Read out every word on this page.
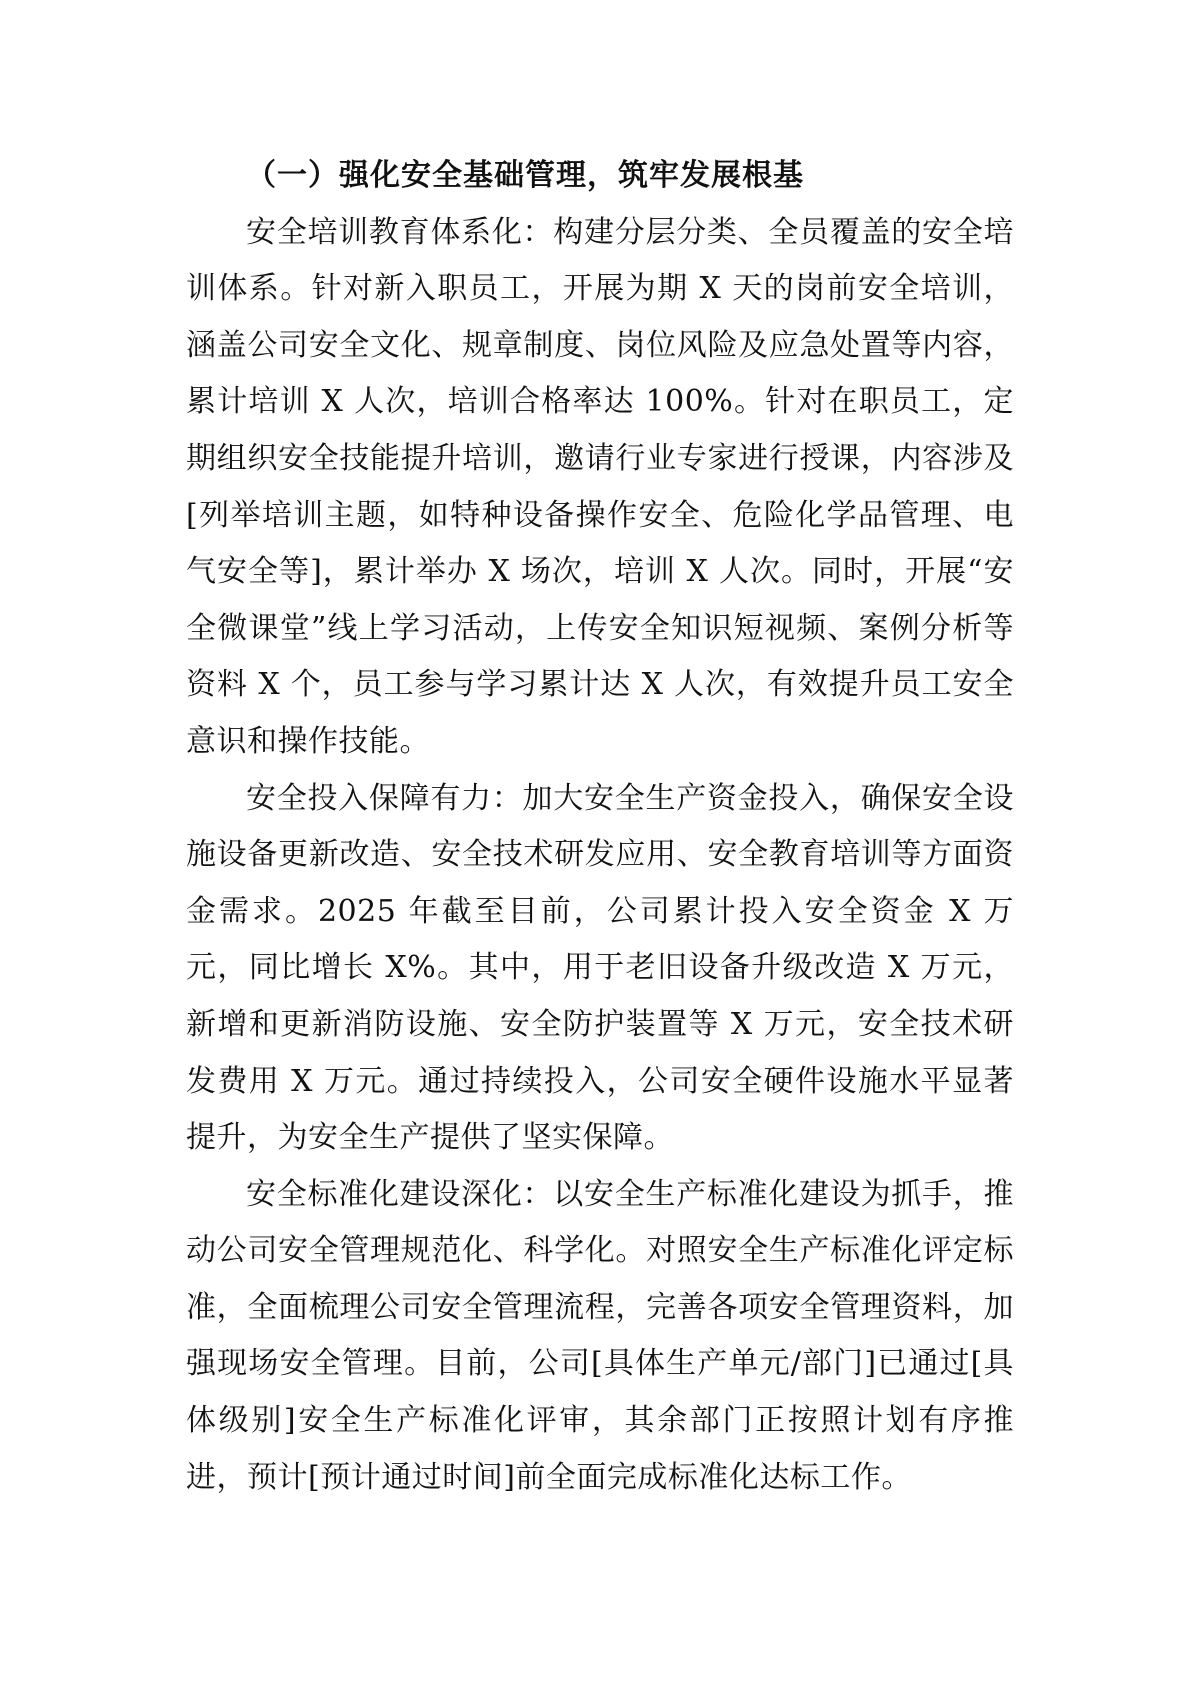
（一）强化安全基础管理，筑牢发展根基

安全培训教育体系化：构建分层分类、全员覆盖的安全培训体系。针对新入职员工，开展为期 X 天的岗前安全培训，涵盖公司安全文化、规章制度、岗位风险及应急处置等内容，累计培训 X 人次，培训合格率达 100%。针对在职员工，定期组织安全技能提升培训，邀请行业专家进行授课，内容涉及[列举培训主题，如特种设备操作安全、危险化学品管理、电气安全等]，累计举办 X 场次，培训 X 人次。同时，开展“安全微课堂”线上学习活动，上传安全知识短视频、案例分析等资料 X 个，员工参与学习累计达 X 人次，有效提升员工安全意识和操作技能。

安全投入保障有力：加大安全生产资金投入，确保安全设施设备更新改造、安全技术研发应用、安全教育培训等方面资金需求。2025 年截至目前，公司累计投入安全资金 X 万元，同比增长 X%。其中，用于老旧设备升级改造 X 万元，新增和更新消防设施、安全防护装置等 X 万元，安全技术研发费用 X 万元。通过持续投入，公司安全硬件设施水平显著提升，为安全生产提供了坚实保障。

安全标准化建设深化：以安全生产标准化建设为抓手，推动公司安全管理规范化、科学化。对照安全生产标准化评定标准，全面梳理公司安全管理流程，完善各项安全管理资料，加强现场安全管理。目前，公司[具体生产单元/部门]已通过[具体级别]安全生产标准化评审，其余部门正按照计划有序推进，预计[预计通过时间]前全面完成标准化达标工作。
